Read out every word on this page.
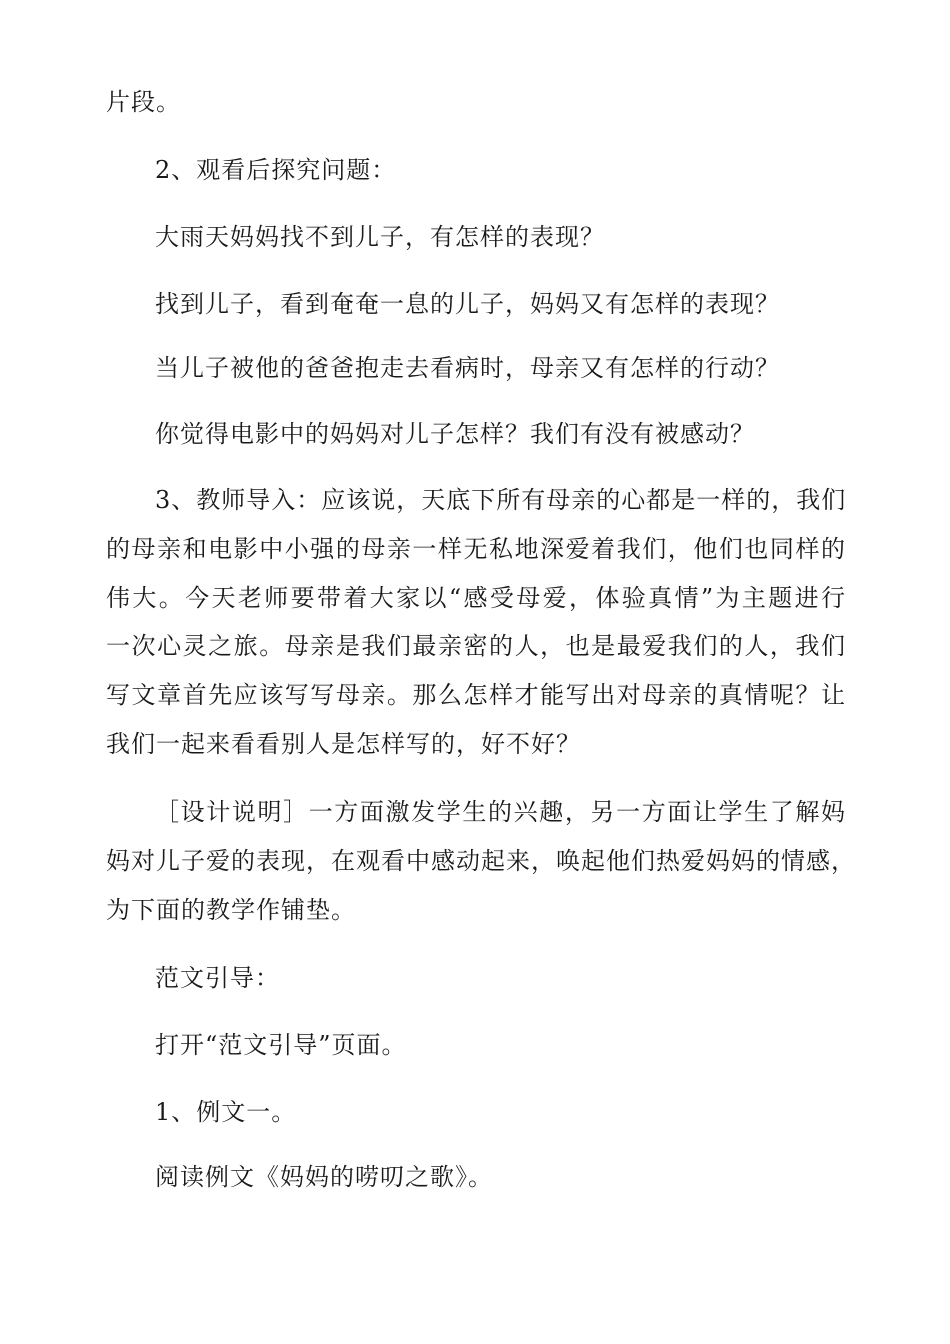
片段。
2、观看后探究问题：
大雨天妈妈找不到儿子，有怎样的表现？
找到儿子，看到奄奄一息的儿子，妈妈又有怎样的表现？
当儿子被他的爸爸抱走去看病时，母亲又有怎样的行动？
你觉得电影中的妈妈对儿子怎样？我们有没有被感动？
3、教师导入：应该说，天底下所有母亲的心都是一样的，我们
的母亲和电影中小强的母亲一样无私地深爱着我们，他们也同样的
伟大。今天老师要带着大家以“感受母爱，体验真情”为主题进行
一次心灵之旅。母亲是我们最亲密的人，也是最爱我们的人，我们
写文章首先应该写写母亲。那么怎样才能写出对母亲的真情呢？让
我们一起来看看别人是怎样写的，好不好？
［设计说明］一方面激发学生的兴趣，另一方面让学生了解妈
妈对儿子爱的表现，在观看中感动起来，唤起他们热爱妈妈的情感，
为下面的教学作铺垫。
范文引导：
打开“范文引导”页面。
1、例文一。
阅读例文《妈妈的唠叨之歌》。
